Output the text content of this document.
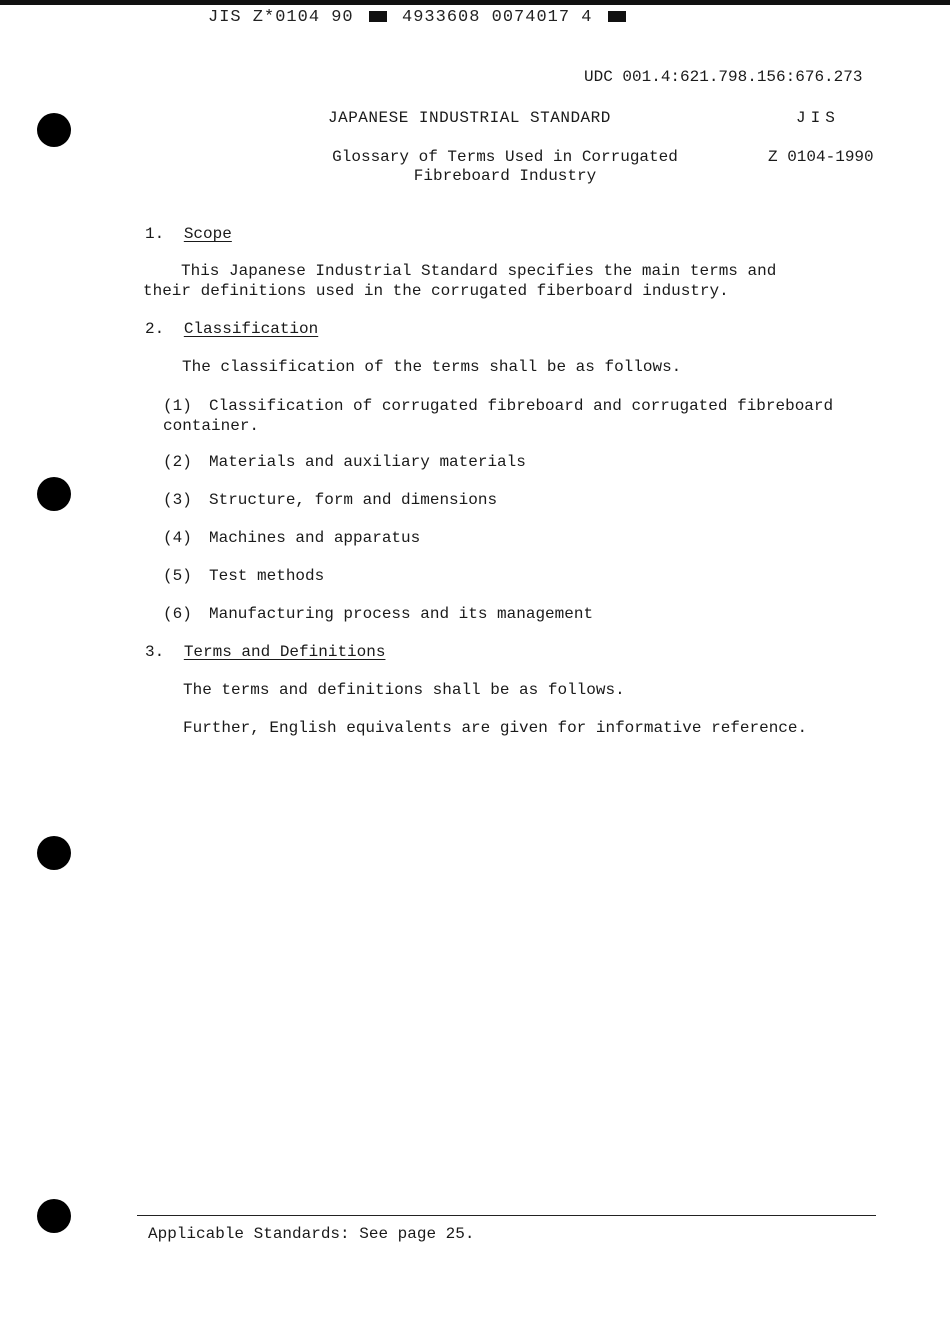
JIS Z*0104 90	4933608 0074017 4
UDC 001.4:621.798.156:676.273
JAPANESE INDUSTRIAL STANDARD	JIS
Glossary of Terms Used in Corrugated
Fibreboard Industry
Z 0104-1990
1. Scope
This Japanese Industrial Standard specifies the main terms and their definitions used in the corrugated fiberboard industry.
2. Classification
The classification of the terms shall be as follows.
(1) Classification of corrugated fibreboard and corrugated fibreboard container.
(2) Materials and auxiliary materials
(3) Structure, form and dimensions
(4) Machines and apparatus
(5) Test methods
(6) Manufacturing process and its management
3. Terms and Definitions
The terms and definitions shall be as follows.
Further, English equivalents are given for informative reference.
Applicable Standards: See page 25.
